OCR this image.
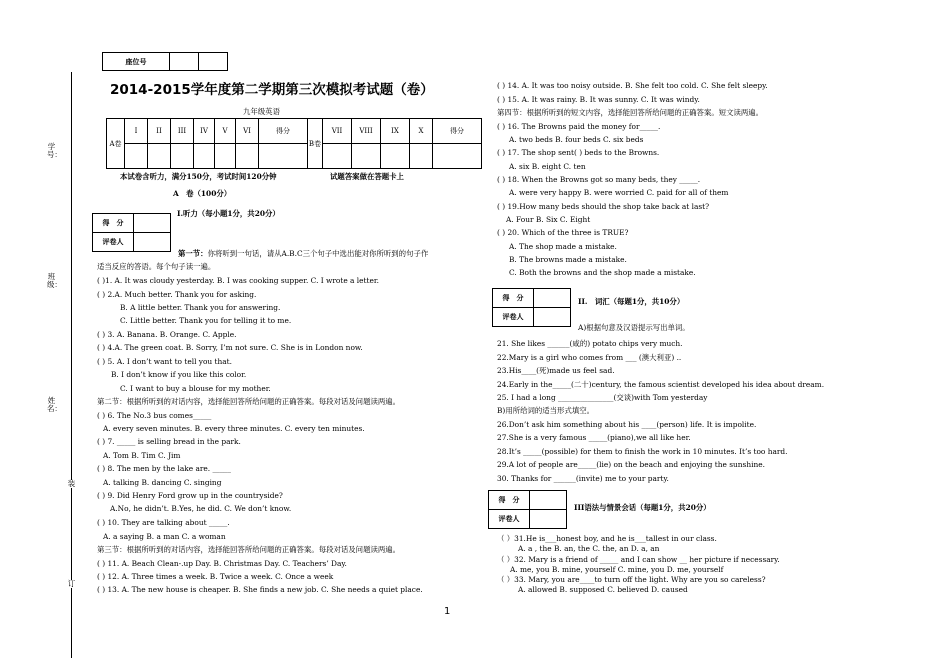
座位号		
学号：
班级：
姓名：
装
订
2014-2015学年度第二学期第三次模拟考试题（卷）
九年级英语
A卷	I	II	III	IV	V	VI	得分	B卷	VII	VIII	IX	X	得分

本试卷含听力，满分150分，考试时间120分钟	试题答案做在答题卡上
A　卷（100分）
得　分	
评卷人	
I.听力（每小题1分，共20分）
第一节：你将听到一句话，请从A.B.C三个句子中选出能对你所听到的句子作
适当反应的答语。每个句子读一遍。
( )1. A. It was cloudy yesterday. B. I was cooking supper. C. I wrote a letter.
( ) 2.A. Much better. Thank you for asking.
B. A little better. Thank you for answering.
C. Little better. Thank you for telling it to me.
( ) 3. A. Banana. B. Orange. C. Apple.
( ) 4.A. The green coat. B. Sorry, I’m not sure. C. She is in London now.
( ) 5. A. I don’t want to tell you that.
B. I don’t know if you like this color.
C. I want to buy a blouse for my mother.
第二节：根据所听到的对话内容，选择能回答所给问题的正确答案。每段对话及问题读两遍。
( ) 6. The No.3 bus comes_____
A. every seven minutes. B. every three minutes. C. every ten minutes.
( ) 7. _____ is selling bread in the park.
A. Tom B. Tim C. Jim
( ) 8. The men by the lake are. _____
A. talking B. dancing C. singing
( ) 9. Did Henry Ford grow up in the countryside?
A.No, he didn’t. B.Yes, he did. C. We don’t know.
( ) 10. They are talking about _____.
A. a saying B. a man C. a woman
第三节：根据所听到的对话内容，选择能回答所给问题的正确答案。每段对话及问题读两遍。
( ) 11. A. Beach Clean-.up Day. B. Christmas Day. C. Teachers’ Day.
( ) 12. A. Three times a week. B. Twice a week. C. Once a week
( ) 13. A. The new house is cheaper. B. She finds a new job. C. She needs a quiet place.
( ) 14. A. It was too noisy outside. B. She felt too cold. C. She felt sleepy.
( ) 15. A. It was rainy. B. It was sunny. C. It was windy.
第四节：根据所听到的短文内容，选择能回答所给问题的正确答案。短文读两遍。
( ) 16. The Browns paid the money for_____.
A. two beds B. four beds C. six beds
( ) 17. The shop sent( ) beds to the Browns.
A. six B. eight C. ten
( ) 18. When the Browns got so many beds, they _____.
A. were very happy B. were worried C. paid for all of them
( ) 19.How many beds should the shop take back at last?
A. Four B. Six C. Eight
( ) 20. Which of the three is TRUE?
A. The shop made a mistake.
B. The browns made a mistake.
C. Both the browns and the shop made a mistake.
得　分	
评卷人	
II.　词汇（每题1分，共10分）
A)根据句意及汉语提示写出单词。
21. She likes ______(咸的) potato chips very much.
22.Mary is a girl who comes from ___ (澳大利亚) ..
23.His____(死)made us feel sad.
24.Early in the_____(二十)century, the famous scientist developed his idea about dream.
25. I had a long _______________(交谈)with Tom yesterday
B)用所给词的适当形式填空。
26.Don’t ask him something about his ____(person) life. It is impolite.
27.She is a very famous _____(piano),we all like her.
28.It’s _____(possible) for them to finish the work in 10 minutes. It’s too hard.
29.A lot of people are_____(lie) on the beach and enjoying the sunshine.
30. Thanks for ______(invite) me to your party.
得　分	
评卷人	
III语法与情景会话（每题1分，共20分）
（ ）31.He is___honest boy, and he is___tallest in our class.
A. a , the B. an, the C. the, an D. a, an
（ ）32. Mary is a friend of _____ and I can show __ her picture if necessary.
A. me, you B. mine, yourself C. mine, you D. me, yourself
（ ）33. Mary, you are____to turn off the light. Why are you so careless?
A. allowed B. supposed C. believed D. caused
1
